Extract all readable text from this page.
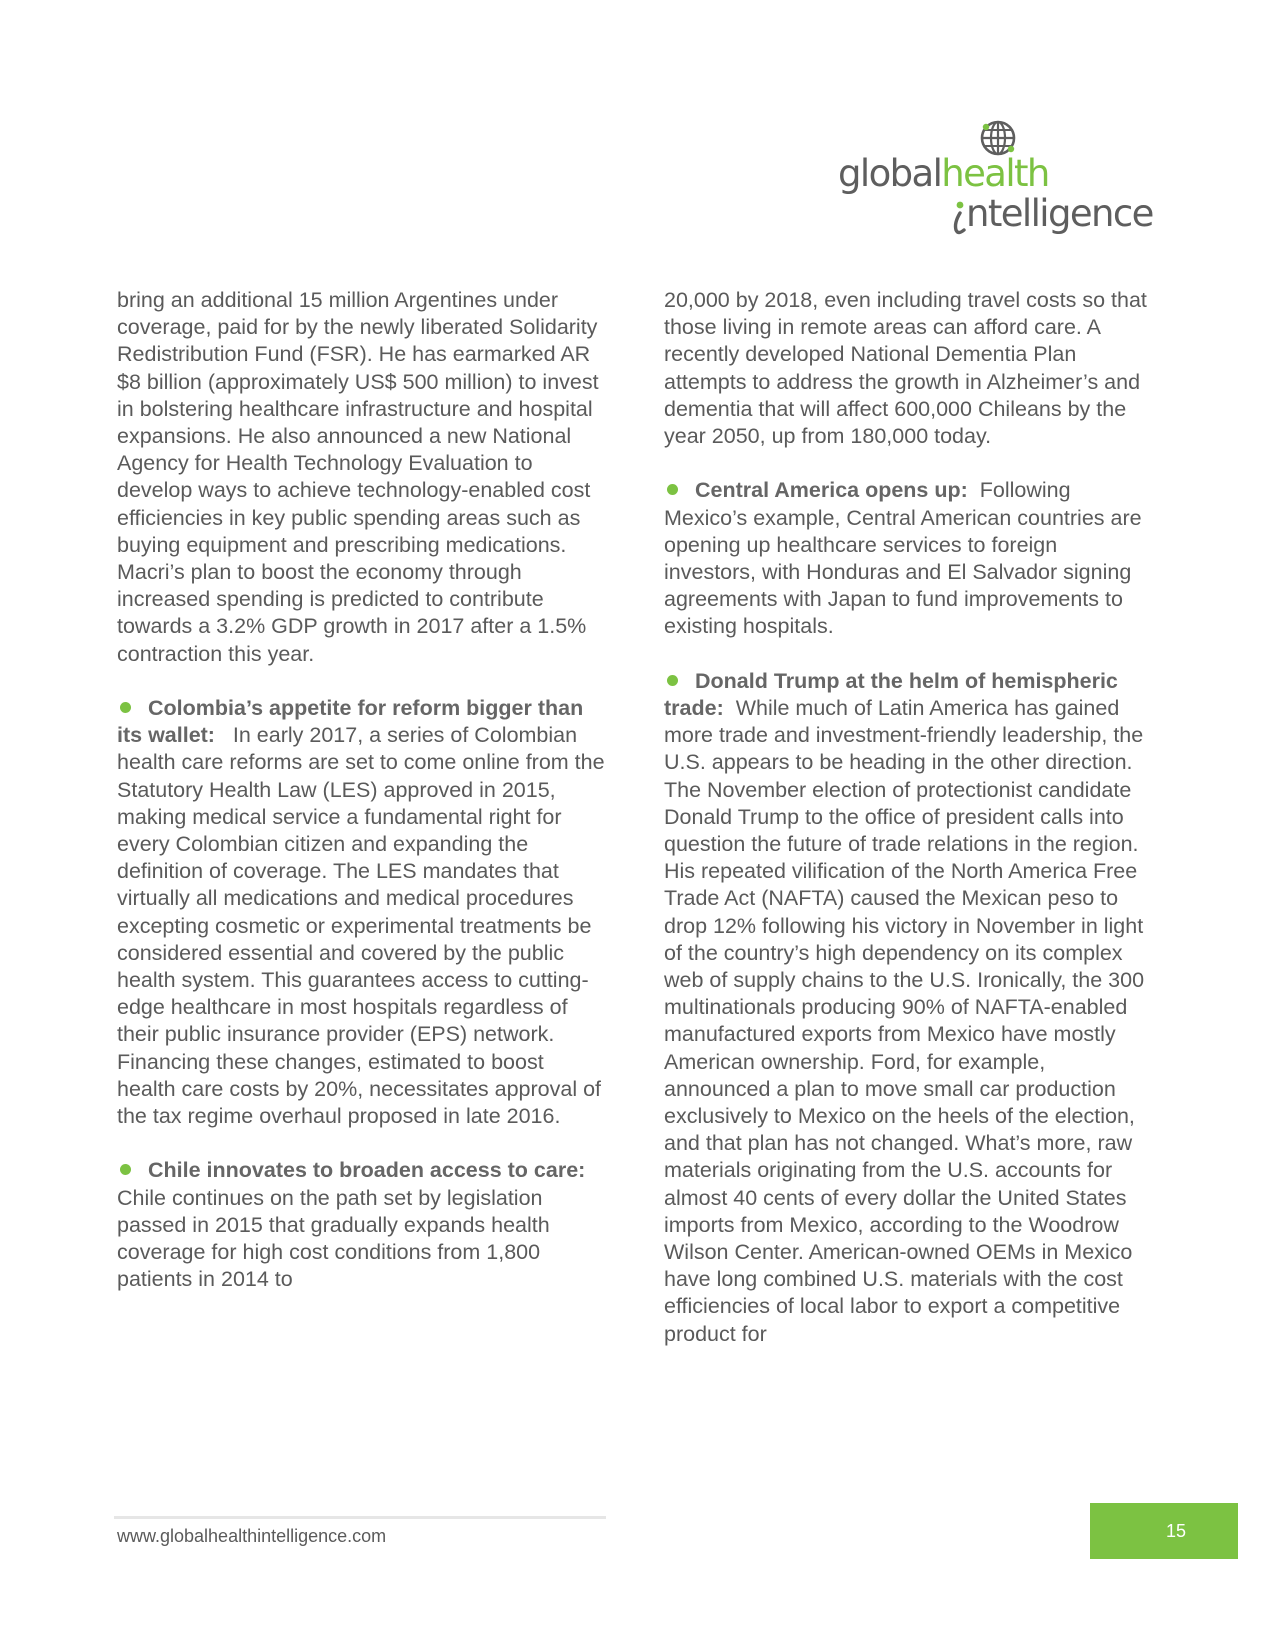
globalhealth
ntelligence

bring an additional 15 million Argentines under coverage, paid for by the newly liberated Solidarity Redistribution Fund (FSR). He has earmarked AR $8 billion (approximately US$ 500 million) to invest in bolstering healthcare infrastructure and hospital expansions. He also announced a new National Agency for Health Technology Evaluation to develop ways to achieve technology-enabled cost efficiencies in key public spending areas such as buying equipment and prescribing medications. Macri’s plan to boost the economy through increased spending is predicted to contribute towards a 3.2% GDP growth in 2017 after a 1.5% contraction this year.

Colombia’s appetite for reform bigger than its wallet: In early 2017, a series of Colombian health care reforms are set to come online from the Statutory Health Law (LES) approved in 2015, making medical service a fundamental right for every Colombian citizen and expanding the definition of coverage. The LES mandates that virtually all medications and medical procedures excepting cosmetic or experimental treatments be considered essential and covered by the public health system. This guarantees access to cutting-edge healthcare in most hospitals regardless of their public insurance provider (EPS) network. Financing these changes, estimated to boost health care costs by 20%, necessitates approval of the tax regime overhaul proposed in late 2016.

Chile innovates to broaden access to care:  Chile continues on the path set by legislation passed in 2015 that gradually expands health coverage for high cost conditions from 1,800 patients in 2014 to

20,000 by 2018, even including travel costs so that those living in remote areas can afford care. A recently developed National Dementia Plan attempts to address the growth in Alzheimer’s and dementia that will affect 600,000 Chileans by the year 2050, up from 180,000 today.

Central America opens up: Following Mexico’s example, Central American countries are opening up healthcare services to foreign investors, with Honduras and El Salvador signing agreements with Japan to fund improvements to existing hospitals.

Donald Trump at the helm of hemispheric trade: While much of Latin America has gained more trade and investment-friendly leadership, the U.S. appears to be heading in the other direction. The November election of protectionist candidate Donald Trump to the office of president calls into question the future of trade relations in the region. His repeated vilification of the North America Free Trade Act (NAFTA) caused the Mexican peso to drop 12% following his victory in November in light of the country’s high dependency on its complex web of supply chains to the U.S. Ironically, the 300 multinationals producing 90% of NAFTA-enabled manufactured exports from Mexico have mostly American ownership. Ford, for example, announced a plan to move small car production exclusively to Mexico on the heels of the election, and that plan has not changed. What’s more, raw materials originating from the U.S. accounts for almost 40 cents of every dollar the United States imports from Mexico, according to the Woodrow Wilson Center. American-owned OEMs in Mexico have long combined U.S. materials with the cost efficiencies of local labor to export a competitive product for

www.globalhealthintelligence.com	15
